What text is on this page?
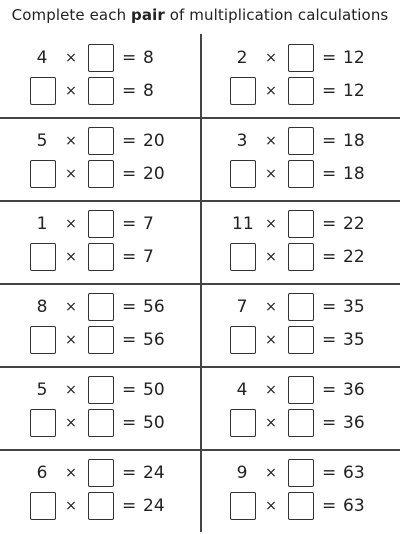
Complete each pair of multiplication calculations
4	×	= 8
×	= 8
2	×	= 12
×	= 12
5	×	= 20
×	= 20
3	×	= 18
×	= 18
1	×	= 7
×	= 7
11 ×	= 22
×	= 22
8	×	= 56
×	= 56
7	×	= 35
×	= 35
5	×	= 50
×	= 50
4	×	= 36
×	= 36
6	×	= 24
×	= 24
9	×	= 63
×	= 63
